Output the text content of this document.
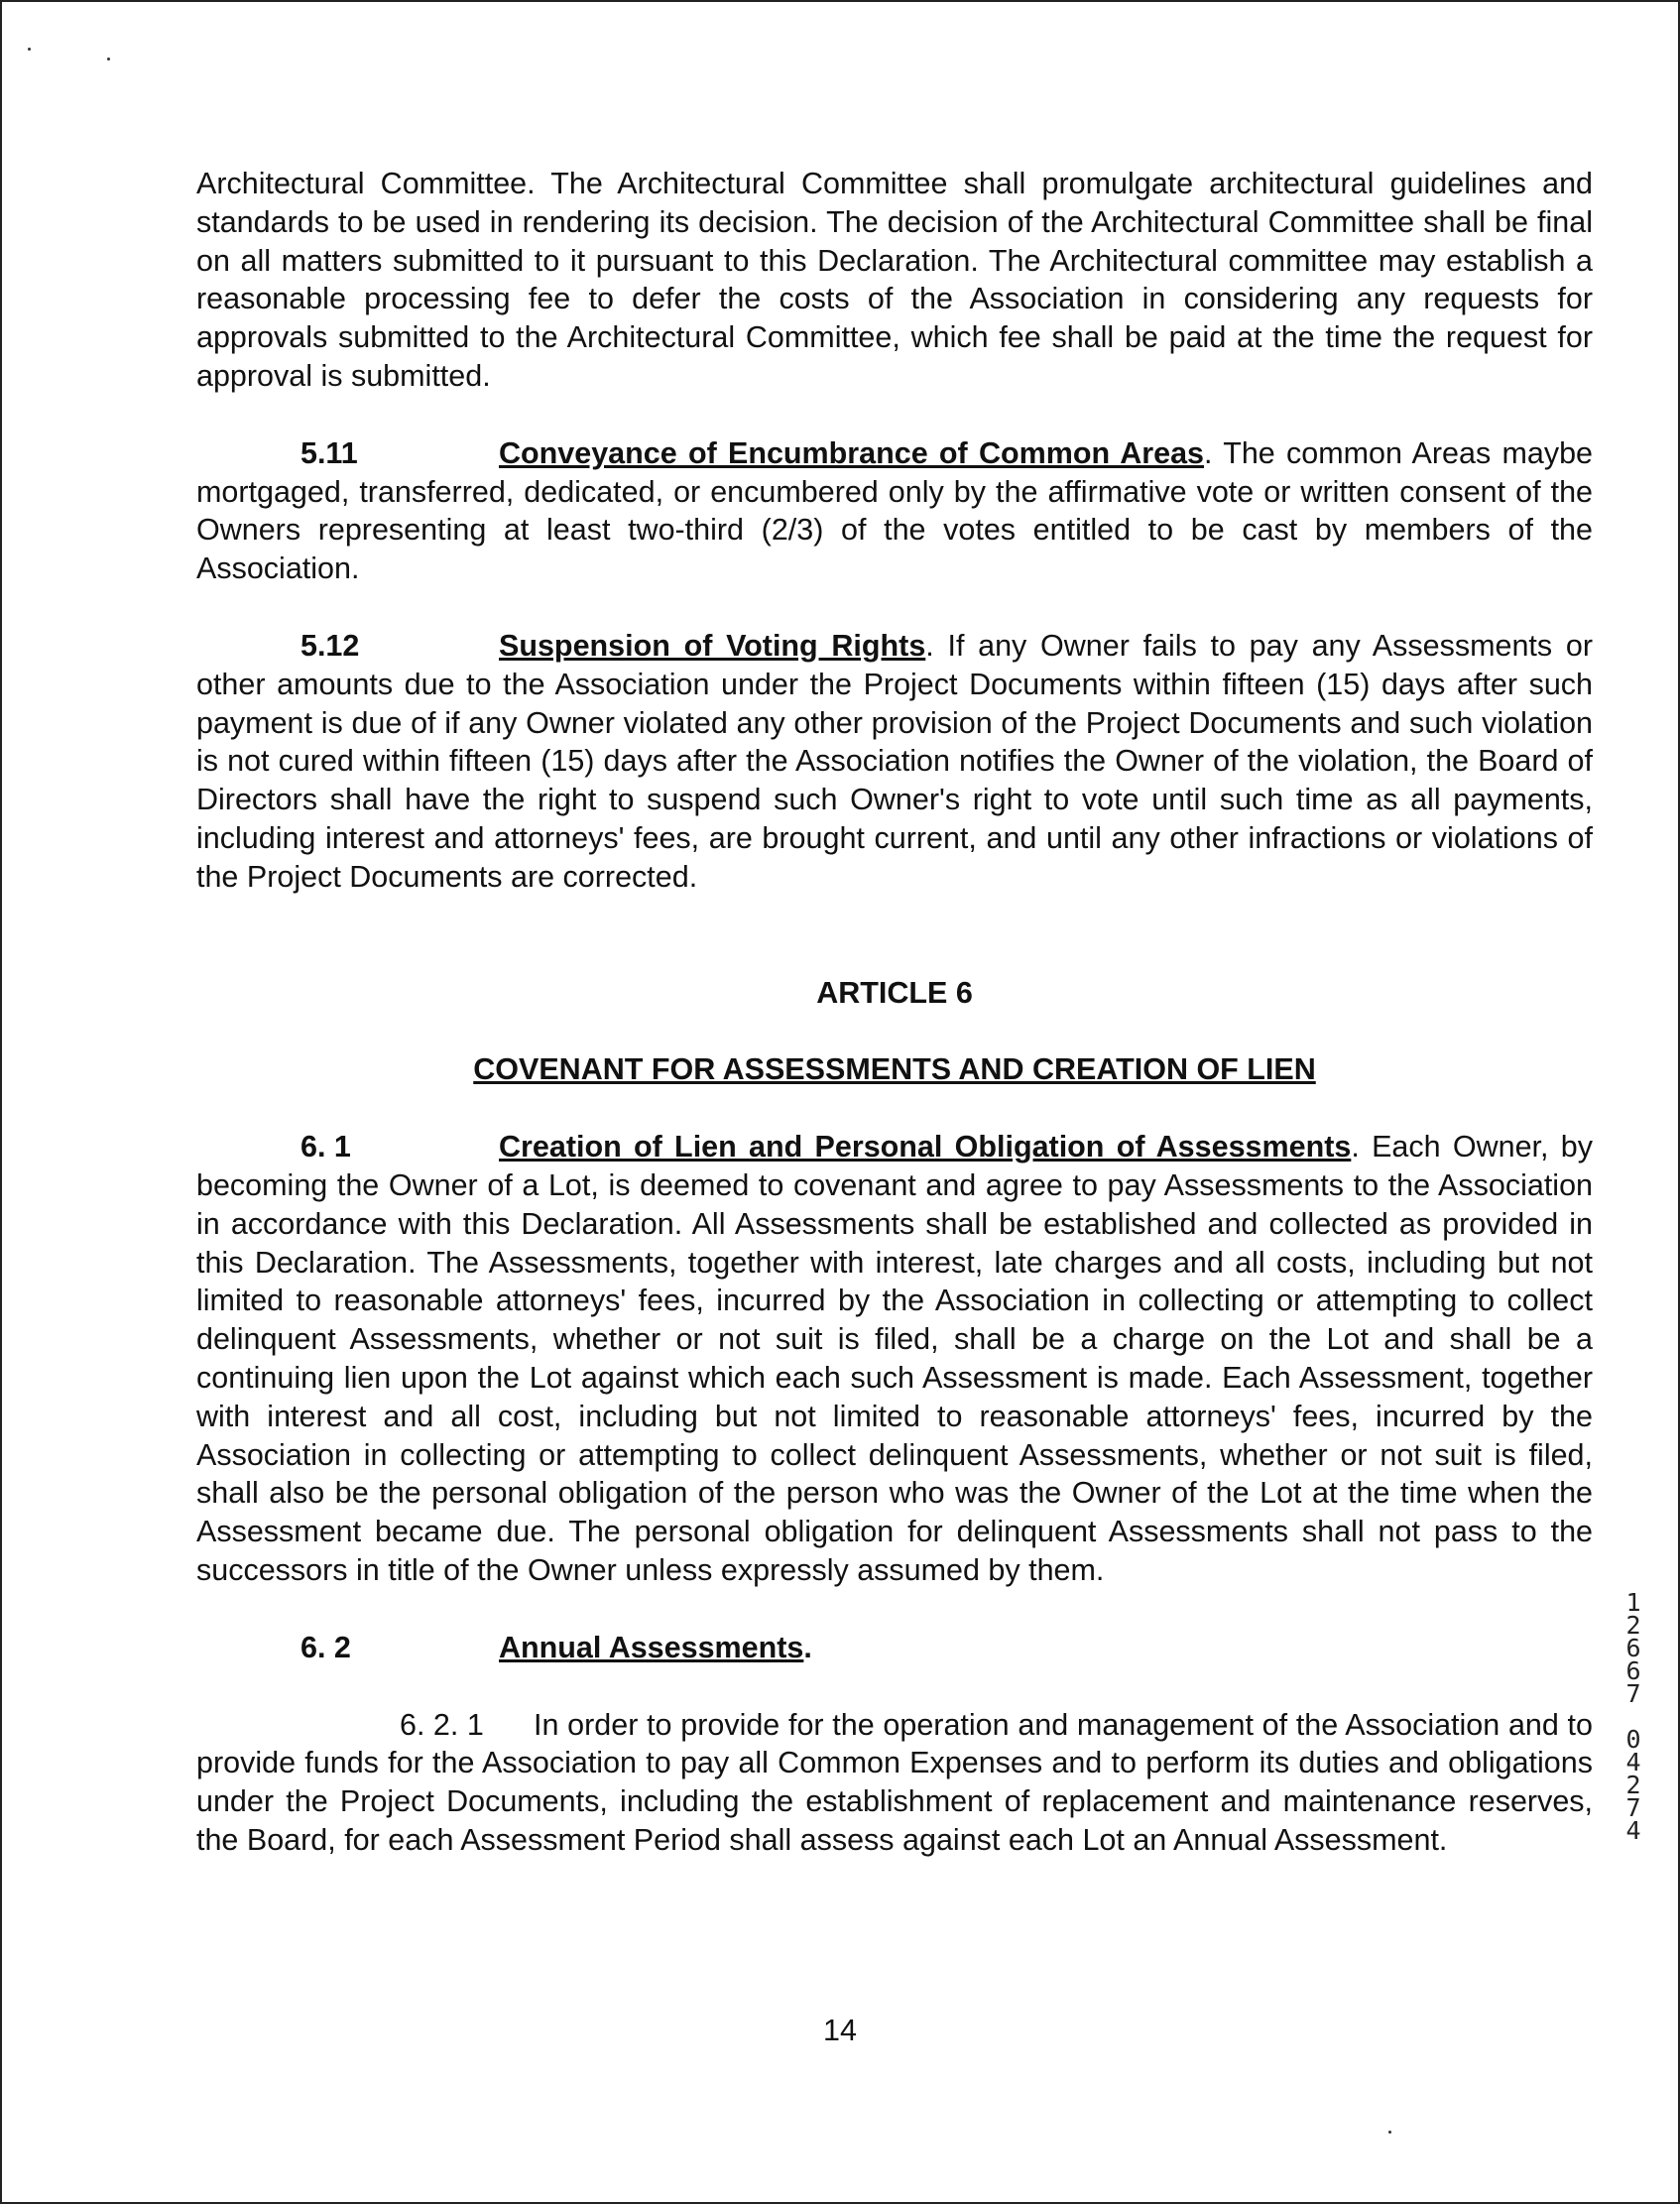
Architectural Committee. The Architectural Committee shall promulgate architectural guidelines and standards to be used in rendering its decision. The decision of the Architectural Committee shall be final on all matters submitted to it pursuant to this Declaration. The Architectural committee may establish a reasonable processing fee to defer the costs of the Association in considering any requests for approvals submitted to the Architectural Committee, which fee shall be paid at the time the request for approval is submitted.

5.11	Conveyance of Encumbrance of Common Areas. The common Areas maybe mortgaged, transferred, dedicated, or encumbered only by the affirmative vote or written consent of the Owners representing at least two-third (2/3) of the votes entitled to be cast by members of the Association.

5.12	Suspension of Voting Rights. If any Owner fails to pay any Assessments or other amounts due to the Association under the Project Documents within fifteen (15) days after such payment is due of if any Owner violated any other provision of the Project Documents and such violation is not cured within fifteen (15) days after the Association notifies the Owner of the violation, the Board of Directors shall have the right to suspend such Owner's right to vote until such time as all payments, including interest and attorneys' fees, are brought current, and until any other infractions or violations of the Project Documents are corrected.

ARTICLE 6

COVENANT FOR ASSESSMENTS AND CREATION OF LIEN

6. 1	Creation of Lien and Personal Obligation of Assessments. Each Owner, by becoming the Owner of a Lot, is deemed to covenant and agree to pay Assessments to the Association in accordance with this Declaration. All Assessments shall be established and collected as provided in this Declaration. The Assessments, together with interest, late charges and all costs, including but not limited to reasonable attorneys' fees, incurred by the Association in collecting or attempting to collect delinquent Assessments, whether or not suit is filed, shall be a charge on the Lot and shall be a continuing lien upon the Lot against which each such Assessment is made. Each Assessment, together with interest and all cost, including but not limited to reasonable attorneys' fees, incurred by the Association in collecting or attempting to collect delinquent Assessments, whether or not suit is filed, shall also be the personal obligation of the person who was the Owner of the Lot at the time when the Assessment became due. The personal obligation for delinquent Assessments shall not pass to the successors in title of the Owner unless expressly assumed by them.

6. 2	Annual Assessments.

6. 2. 1 In order to provide for the operation and management of the Association and to provide funds for the Association to pay all Common Expenses and to perform its duties and obligations under the Project Documents, including the establishment of replacement and maintenance reserves, the Board, for each Assessment Period shall assess against each Lot an Annual Assessment.

14
1
2
6
6
7
0
4
2
7
4
